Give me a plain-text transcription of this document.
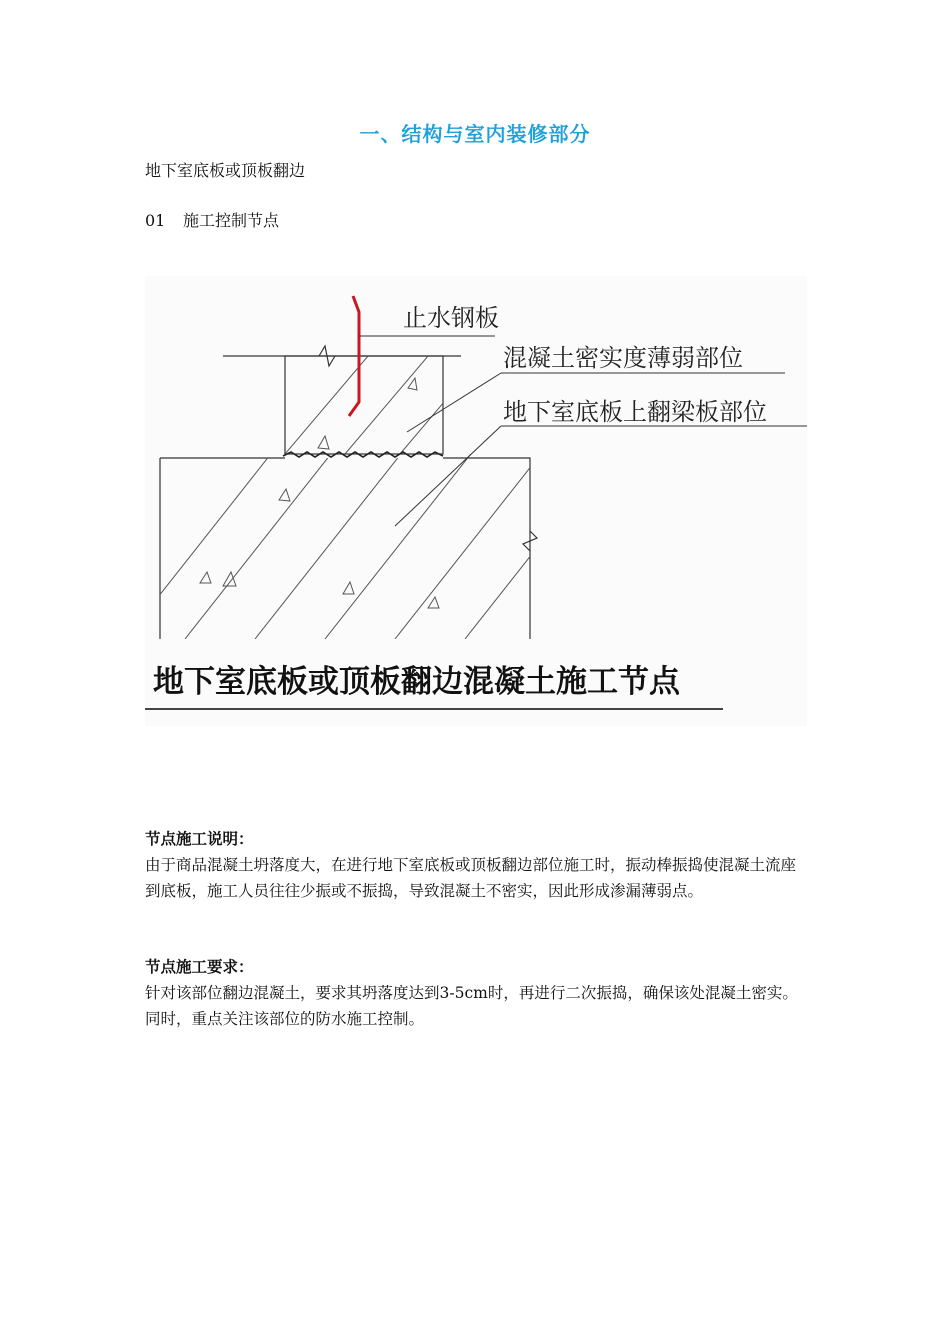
一、结构与室内装修部分
地下室底板或顶板翻边
01 施工控制节点
止水钢板
混凝土密实度薄弱部位
地下室底板上翻梁板部位
地下室底板或顶板翻边混凝土施工节点
节点施工说明：
由于商品混凝土坍落度大，在进行地下室底板或顶板翻边部位施工时，振动棒振捣使混凝土流座到底板，施工人员往往少振或不振捣，导致混凝土不密实，因此形成渗漏薄弱点。
节点施工要求：
针对该部位翻边混凝土，要求其坍落度达到3-5cm时，再进行二次振捣，确保该处混凝土密实。同时，重点关注该部位的防水施工控制。
